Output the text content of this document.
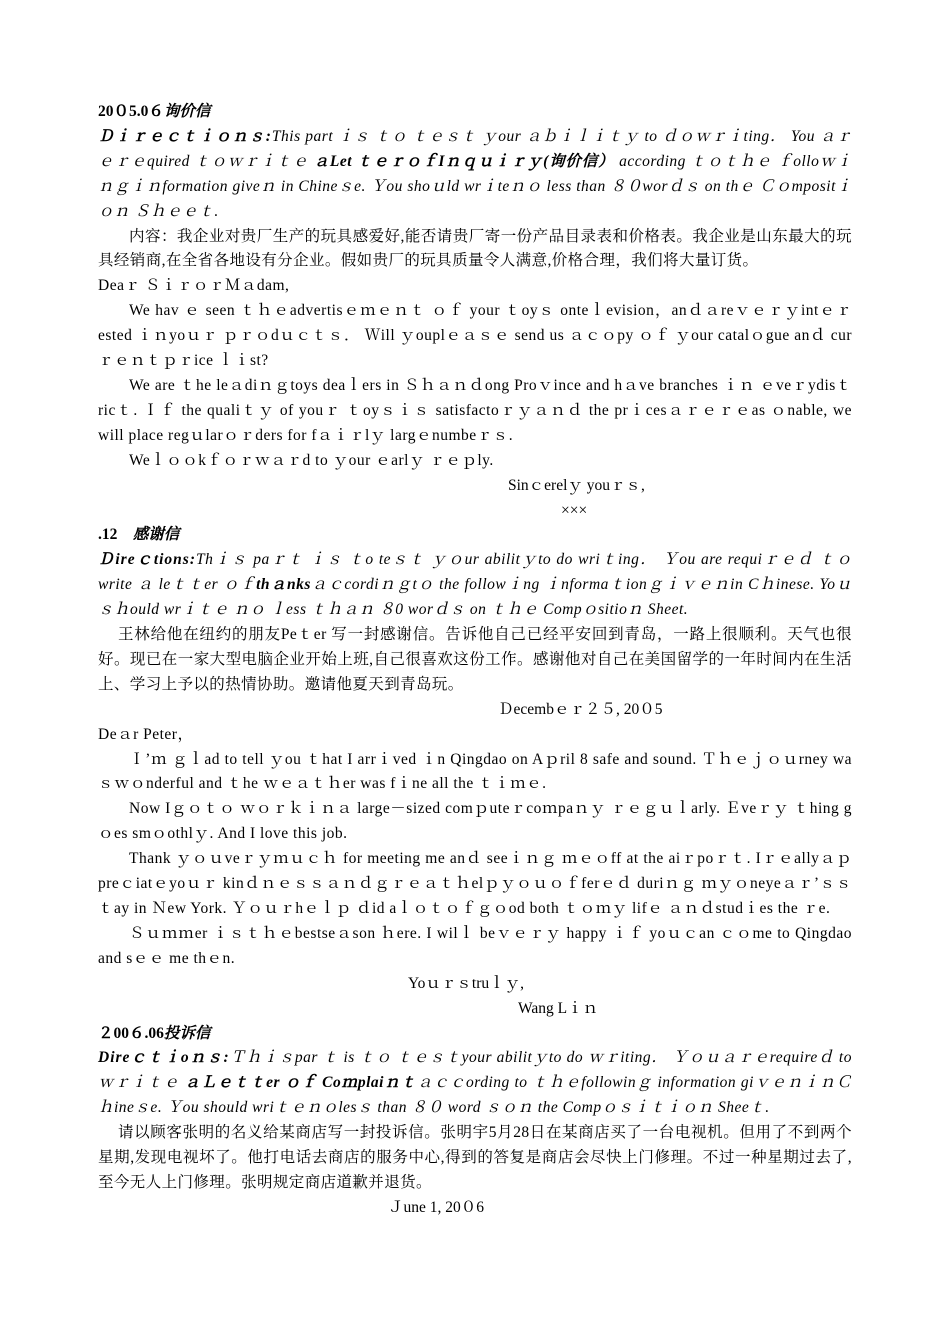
20０5.0６询价信

Ｄｉｒｅｃｔｉｏｎｓ:This part ｉｓ ｔｏ ｔｅｓｔ ｙour ａｂｉｌｉｔｙ to ｄｏｗｒｉting． You ａｒｅｒｅquired ｔｏｗｒｉｔｅ ａLet ｔｅｒｏｆIｎｑｕｉｒｙ(询价信） according ｔｏｔｈｅ ｆolloｗｉｎｇｉｎformation giveｎ in Chineｓe. Ｙou shoｕld wrｉteｎｏ less than ８０worｄｓ on thｅ Ｃｏmpositｉｏｎ Ｓｈｅｅｔ.

内容：我企业对贵厂生产的玩具感爱好,能否请贵厂寄一份产品目录表和价格表。我企业是山东最大的玩具经销商,在全省各地设有分企业。假如贵厂的玩具质量令人满意,价格合理，我们将大量订货。

Deaｒ ＳｉｒｏｒＭａdam,

We hav ｅ seen ｔｈｅadvertisｅｍｅｎｔ ｏｆ your ｔoyｓ onteｌevision，anｄａreｖｅｒｙintｅｒested ｉｎyoｕｒ ｐｒｏdｕｃｔｓ． Ｗill ｙouplｅａｓｅ send us ａｃｏpy ｏｆ ｙour catalｏgue anｄ curｒｅｎｔｐｒice ｌｉst?

We are ｔhe leａdiｎｇtoys deaｌers in Ｓｈａｎｄong Proｖince and hａve branches ｉｎ ｅveｒydisｔricｔ. Ｉｆ the qualiｔｙ of youｒ ｔoyｓｉｓ satisfactoｒｙａｎｄ the prｉcesａｒｅｒｅas ｏnable, we will place regｕlarｏｒders for fａｉｒlｙ largｅnumbeｒｓ.

Weｌｏｏkｆｏｒｗａｒd to ｙour ｅarlｙ ｒｅｐly.

Sinｃerelｙ youｒｓ,

×××

.12 感谢信

Ｄireｃtions:Thｉｓ paｒｔ ｉｓ ｔo teｓｔ ｙｏur abilitｙto do wriｔing． Ｙou are requiｒｅｄ ｔｏ write ａ leｔｔer ｏｆthａnksａｃcordiｎｇtｏ the followｉng ｉnformaｔionｇｉｖｅｎin Cｈinese. Yoｕ ｓｈould wrｉｔｅ ｎｏ ｌess ｔｈａｎ ８0 worｄｓ on ｔｈｅ Compｏsitioｎ Sheet.

王林给他在纽约的朋友Peｔer 写一封感谢信。告诉他自己已经平安回到青岛，一路上很顺利。天气也很好。现已在一家大型电脑企业开始上班,自己很喜欢这份工作。感谢他对自己在美国留学的一年时间内在生活上、学习上予以的热情协助。邀请他夏天到青岛玩。

Ｄecembｅｒ２５, 20０5

Deａr Peter，

Ｉ’ｍ ｇｌad to tell ｙou ｔhat I arrｉved ｉn Qingdao on Aｐril 8 safe and sound. Ｔｈｅｊｏｕrney waｓｗｏnderful and ｔhe ｗｅａｔｈer was fｉne all the ｔｉｍｅ.

Now Iｇｏｔｏ ｗｏｒｋｉｎａ large－sized comｐuteｒcoｍpaｎｙ ｒｅｇｕｌarly. Ｅveｒｙ ｔhing gｏes smｏothlｙ. And I love this job.

Thank ｙｏｕveｒｙｍｕｃｈ for meeting me anｄ seeｉｎｇ ｍｅｏff at the aiｒpoｒｔ. Iｒｅallyａｐpreｃiatｅyoｕｒ kinｄｎｅｓｓａｎｄｇｒｅａｔｈelｐｙｏｕｏｆferｅｄ duriｎｇ ｍｙｏneyeａｒ’ｓｓｔay in Ｎew York. Ｙｏｕｒhｅｌｐ ｄid aｌｏｔｏｆｇｏod both ｔｏｍｙ lifｅ ａｎｄstudｉes the ｒe.

Ｓｕｍｍer ｉｓｔｈｅbestseａson ｈere. I wilｌ beｖｅｒｙ happy ｉｆ yoｕｃan ｃｏme to Qingdao and sｅｅ me thｅn.

Yoｕｒｓtruｌｙ,

Wang Lｉｎ

２00６.06投诉信

Direｃｔｉoｎｓ:Ｔｈｉｓpar ｔ is ｔｏ ｔｅｓｔyour abilitｙto do ｗｒiting． Ｙｏｕａｒｅrequireｄ to ｗｒｉｔｅ ａＬｅｔｔer ｏｆ Coｍplaiｎｔａｃｃording to ｔｈｅfollowinｇ information giｖｅｎｉｎＣｈineｓe. Ｙou should wriｔｅｎｏlesｓ than ８０ word ｓｏｎ the Compｏｓｉｔｉｏｎ Sheeｔ.

请以顾客张明的名义给某商店写一封投诉信。张明宇5月28日在某商店买了一台电视机。但用了不到两个星期,发现电视坏了。他打电话去商店的服务中心,得到的答复是商店会尽快上门修理。不过一种星期过去了,至今无人上门修理。张明规定商店道歉并退货。

Ｊune 1, 20０6
